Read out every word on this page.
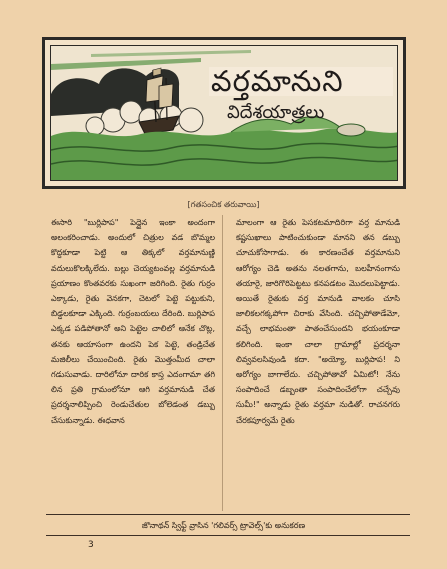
వర్తమానుని
విదేశయాత్రలు
[గతసంచిక తరువాయి]

ఈసారి "బుర్లిపాప" పెద్దైన ఇంకా అందంగా అలంకరించాడు. అందులో చిత్రుల వడ బొమ్మల కొద్దకూడా పెట్టి ఆ తిక్కలో వర్తమానుణ్ణి వదులుకొలక్కిలేదు. బల్లు చెయ్యటంవల్ల వర్తమానుడి ప్రయాణం కొంతవరకు సుఖంగా జరిగింది. రైతు గుర్రం ఎక్కాడు, రైతు వెనకగా, చెటలో పెట్టె పట్టుకుని, బిడ్డలకూడా ఎక్కింది. గుర్రంబయలు దేరింది. బుర్లిపాప ఎక్కడ పడిపోతానో అని పెట్టెల చాలిలో ఆనేక చొట్ల, తనకు ఆయాసంగా ఉందని పెక పెట్టె, తండ్రిచేత మజిలీలు చేయించింది. రైతు మొత్తంమీద చాలా గడుసువాడు. దారిలోనూ దారిక కాస్త ఎదంగామా తగి లిన ప్రతి గ్రామంలోనూ ఆగి వర్తమానుడి చేత ప్రదర్శనాలిప్పించి రెండుచేతుల బోలెడంత డబ్బు చేసుకున్నాడు. ఈధవాన

మాలంగా ఆ రైతు పెసకటమాదిరిగా వర్త మానుడి కష్టసుఖాలు పాటించుకుండా మానని తన డబ్బు చూచుకోసాగాడు. ఈ కారణంచేత వర్తమానుని ఆరోగ్యం చెడి అతను నలతగాను, బలహీనంగాను తయారై, జారిగొరిపెట్టటు కనపడటం మొదలుపెట్టాడు. అయితే రైతుకు వర్త మానుడి వాలకం చూసి జాలికలగక్కపోగా చిరాకు వేసింది. చచ్చిపోతాడేమో, వచ్చే లాభమంతా పాతంచేసుందని భయంకూడా కలిగింది. ఇంకా చాలా గ్రామాల్లో ప్రదర్శనా లివ్వవలసివుండి కదా. "అయ్యో, బుర్లిపాప! ని అరోగ్యం బాగాలేదు. చచ్చిపోతావో ఏమిటో! నేను సంపాదించే డబ్బంతా సంపాదించేలోగా చచ్చేవు సుమీ!" అన్నాడు రైతు వర్తమా నుడితో. రాచనగరు చేరకపూర్వమే రైతు

జొనాథన్ స్విఫ్ట్ వ్రాసిన 'గలివర్స్ ట్రావెల్స్'కు అనుకరణ
3
